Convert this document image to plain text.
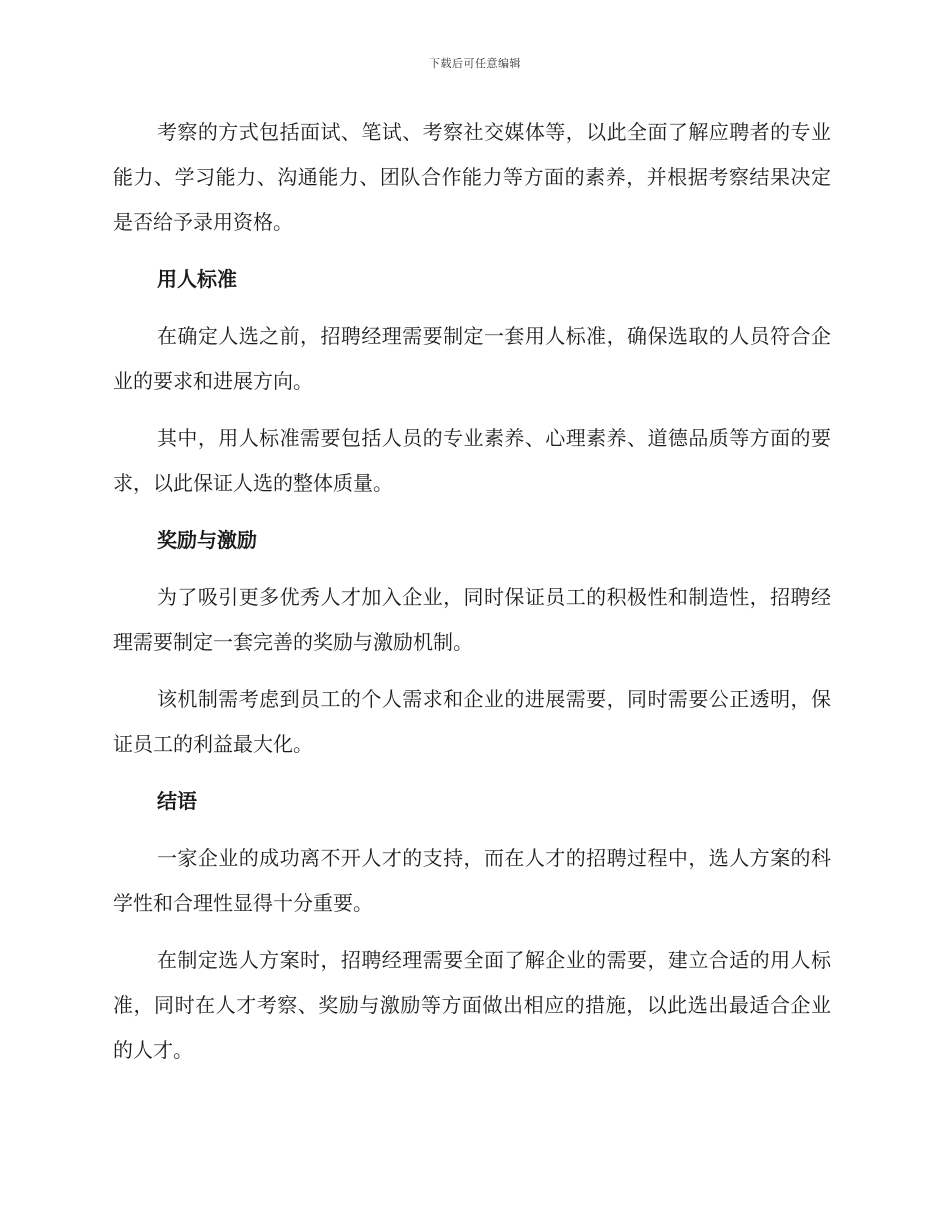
下载后可任意编辑

考察的方式包括面试、笔试、考察社交媒体等，以此全面了解应聘者的专业能力、学习能力、沟通能力、团队合作能力等方面的素养，并根据考察结果决定是否给予录用资格。

用人标准

在确定人选之前，招聘经理需要制定一套用人标准，确保选取的人员符合企业的要求和进展方向。

其中，用人标准需要包括人员的专业素养、心理素养、道德品质等方面的要求，以此保证人选的整体质量。

奖励与激励

为了吸引更多优秀人才加入企业，同时保证员工的积极性和制造性，招聘经理需要制定一套完善的奖励与激励机制。

该机制需考虑到员工的个人需求和企业的进展需要，同时需要公正透明，保证员工的利益最大化。

结语

一家企业的成功离不开人才的支持，而在人才的招聘过程中，选人方案的科学性和合理性显得十分重要。

在制定选人方案时，招聘经理需要全面了解企业的需要，建立合适的用人标准，同时在人才考察、奖励与激励等方面做出相应的措施，以此选出最适合企业的人才。
